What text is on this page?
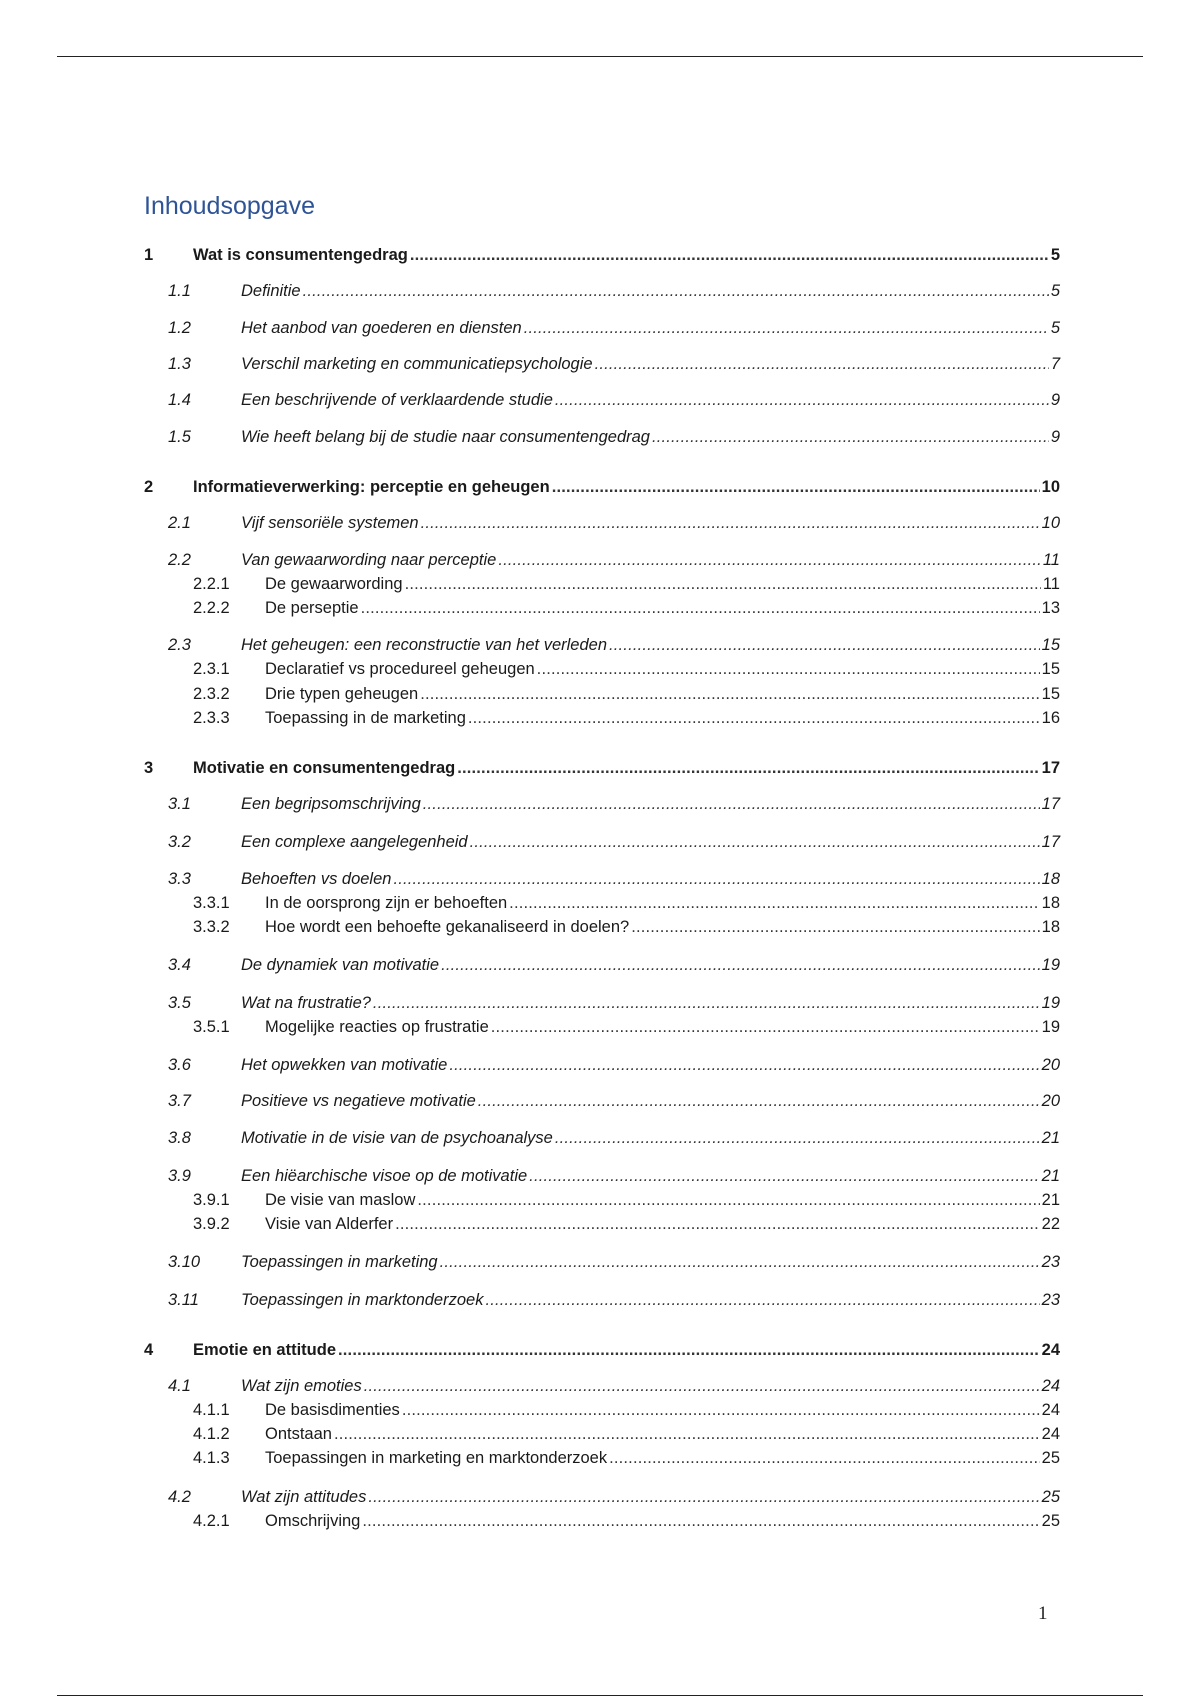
Inhoudsopgave
1 Wat is consumentengedrag . . .	5
1.1	Definitie . . .	5
1.2	Het aanbod van goederen en diensten . . .	5
1.3	Verschil marketing en communicatiepsychologie . . .	7
1.4	Een beschrijvende of verklaardende studie . . .	9
1.5	Wie heeft belang bij de studie naar consumentengedrag . . .	9
2 Informatieverwerking: perceptie en geheugen . . .	10
2.1	Vijf sensoriële systemen . . .	10
2.2	Van gewaarwording naar perceptie . . .	11
2.2.1 De gewaarwording . . .	11
2.2.2 De perseptie . . .	13
2.3	Het geheugen: een reconstructie van het verleden . . .	15
2.3.1 Declaratief vs procedureel geheugen . . .	15
2.3.2 Drie typen geheugen . . .	15
2.3.3 Toepassing in de marketing . . .	16
3 Motivatie en consumentengedrag . . .	17
3.1	Een begripsomschrijving . . .	17
3.2	Een complexe aangelegenheid . . .	17
3.3	Behoeften vs doelen . . .	18
3.3.1 In de oorsprong zijn er behoeften . . .	18
3.3.2 Hoe wordt een behoefte gekanaliseerd in doelen? . . .	18
3.4	De dynamiek van motivatie . . .	19
3.5	Wat na frustratie? . . .	19
3.5.1 Mogelijke reacties op frustratie . . .	19
3.6	Het opwekken van motivatie . . .	20
3.7	Positieve vs negatieve motivatie . . .	20
3.8	Motivatie in de visie van de psychoanalyse . . .	21
3.9	Een hiëarchische visoe op de motivatie . . .	21
3.9.1 De visie van maslow . . .	21
3.9.2 Visie van Alderfer . . .	22
3.10 Toepassingen in marketing . . .	23
3.11	Toepassingen in marktonderzoek . . .	23
4 Emotie en attitude . . .	24
4.1	Wat zijn emoties . . .	24
4.1.1 De basisdimenties . . .	24
4.1.2 Ontstaan . . .	24
4.1.3 Toepassingen in marketing en marktonderzoek . . .	25
4.2	Wat zijn attitudes . . .	25
4.2.1 Omschrijving . . .	25
1
